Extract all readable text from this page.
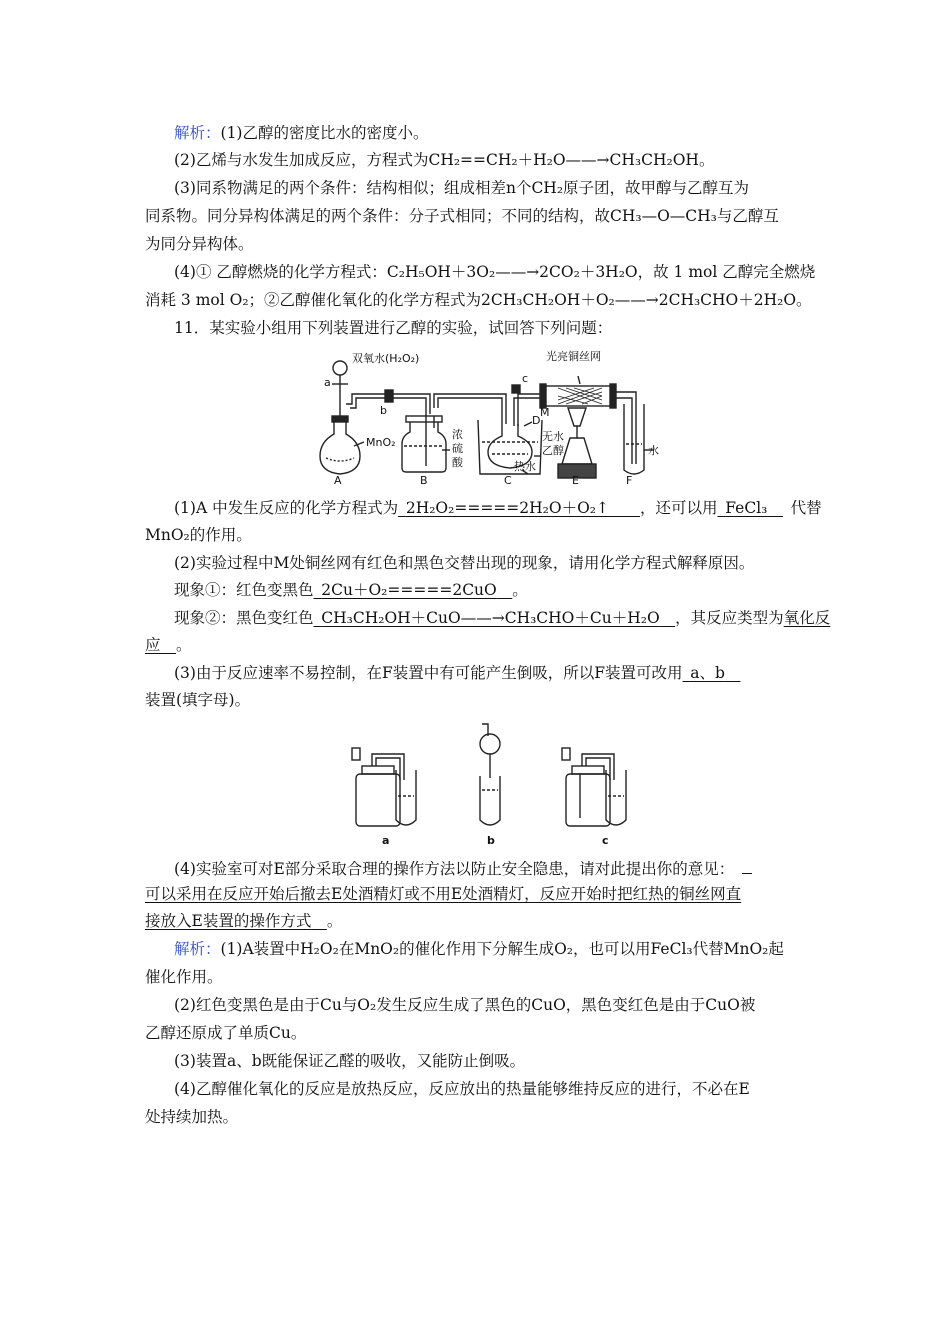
解析：(1)乙醇的密度比水的密度小。
(2)乙烯与水发生加成反应，方程式为CH₂==CH₂＋H₂O——→CH₃CH₂OH。
(3)同系物满足的两个条件：结构相似；组成相差n个CH₂原子团，故甲醇与乙醇互为
同系物。同分异构体满足的两个条件：分子式相同；不同的结构，故CH₃—O—CH₃与乙醇互
为同分异构体。
(4)① 乙醇燃烧的化学方程式：C₂H₅OH＋3O₂——→2CO₂＋3H₂O，故 1 mol 乙醇完全燃烧
消耗 3 mol O₂；②乙醇催化氧化的化学方程式为2CH₃CH₂OH＋O₂——→2CH₃CHO＋2H₂O。
11．某实验小组用下列装置进行乙醇的实验，试回答下列问题：
双氧水(H₂O₂)	光亮铜丝网
a
b
c
D
M
MnO₂
浓
硫
酸
无水
乙醇
热水
水
A	B	C	E	F
(1)A 中发生反应的化学方程式为  2H₂O₂=====2H₂O＋O₂↑   ，还可以用  FeCl₃   代替
MnO₂的作用。
(2)实验过程中M处铜丝网有红色和黑色交替出现的现象，请用化学方程式解释原因。
现象①：红色变黑色  2Cu＋O₂=====2CuO  。
现象②：黑色变红色  CH₃CH₂OH＋CuO——→CH₃CHO＋Cu＋H₂O  ，其反应类型为氧化反
应  。
(3)由于反应速率不易控制，在F装置中有可能产生倒吸，所以F装置可改用  a、b 
装置(填字母)。
a	b	c
(4)实验室可对E部分采取合理的操作方法以防止安全隐患，请对此提出你的意见： 
可以采用在反应开始后撤去E处酒精灯或不用E处酒精灯，反应开始时把红热的铜丝网直
接放入E装置的操作方式  。
解析：(1)A装置中H₂O₂在MnO₂的催化作用下分解生成O₂，也可以用FeCl₃代替MnO₂起
催化作用。
(2)红色变黑色是由于Cu与O₂发生反应生成了黑色的CuO，黑色变红色是由于CuO被
乙醇还原成了单质Cu。
(3)装置a、b既能保证乙醛的吸收，又能防止倒吸。
(4)乙醇催化氧化的反应是放热反应，反应放出的热量能够维持反应的进行，不必在E
处持续加热。
